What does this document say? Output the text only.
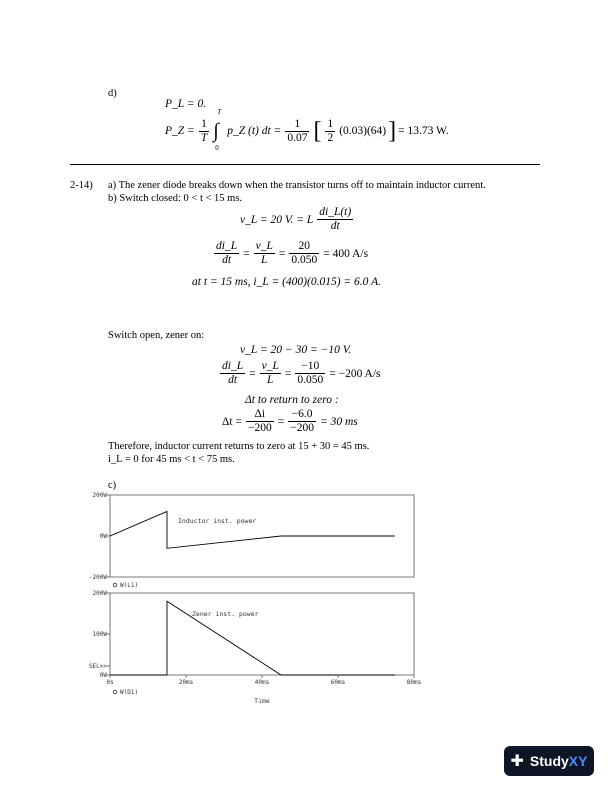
d)
P_L = 0.
P_Z = $\frac{1}{T}$
T
∫
0
p_Z (t) dt = $\frac{1}{0.07}$ [ $\frac{1}{2} (0.03)(64)$ ] = 13.73 W.
2-14) a) The zener diode breaks down when the transistor turns off to maintain inductor current.
b) Switch closed: 0 < t < 15 ms.
v_L = 20 V. = L $\frac{di\_L(t)}{dt}$
$\frac{di\_L}{dt} = \frac{v\_L}{L} = \frac{20}{0.050} = 400$ A/s
at t = 15 ms, i_L = (400)(0.015) = 6.0 A.
Switch open, zener on:
v_L = 20 − 30 = −10 V.
$\frac{di\_L}{dt} = \frac{v\_L}{L} = \frac{-10}{0.050} = -200$ A/s
Δt to return to zero :
$\Delta t = \frac{\Delta i}{-200} = \frac{-6.0}{-200} = 30$ ms
Therefore, inductor current returns to zero at 15 + 30 = 45 ms.
i_L = 0 for 45 ms < t < 75 ms.
c)
200W
0W
-200W
Inductor inst. power
W(L1)
200W
100W
SEL>>
0W
0s	20ms	40ms	60ms	80ms
Zener inst. power
W(D1)
Time
✚ StudyXY
